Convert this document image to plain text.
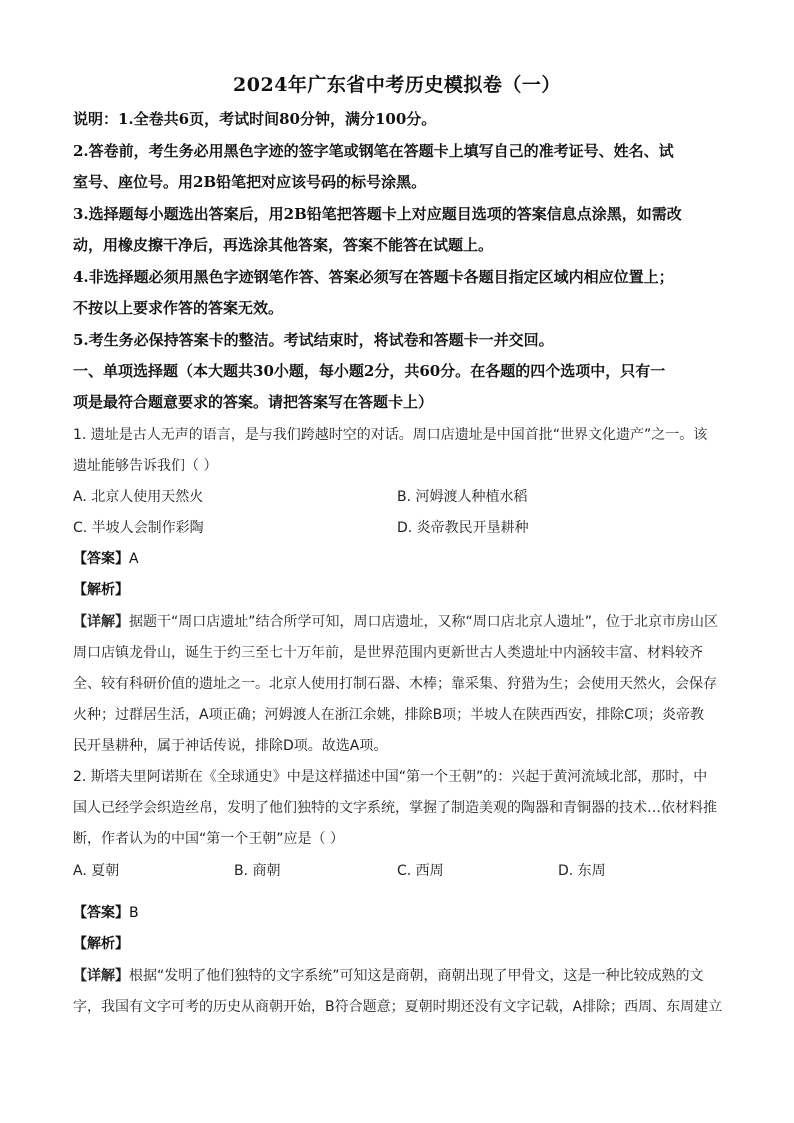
2024年广东省中考历史模拟卷（一）
说明：1.全卷共6页，考试时间80分钟，满分100分。
2.答卷前，考生务必用黑色字迹的签字笔或钢笔在答题卡上填写自己的准考证号、姓名、试
室号、座位号。用2B铅笔把对应该号码的标号涂黑。
3.选择题每小题选出答案后，用2B铅笔把答题卡上对应题目选项的答案信息点涂黑，如需改
动，用橡皮擦干净后，再选涂其他答案，答案不能答在试题上。
4.非选择题必须用黑色字迹钢笔作答、答案必须写在答题卡各题目指定区域内相应位置上；
不按以上要求作答的答案无效。
5.考生务必保持答案卡的整洁。考试结束时，将试卷和答题卡一并交回。
一、单项选择题（本大题共30小题，每小题2分，共60分。在各题的四个选项中，只有一
项是最符合题意要求的答案。请把答案写在答题卡上）
1. 遗址是古人无声的语言，是与我们跨越时空的对话。周口店遗址是中国首批“世界文化遗产”之一。该
遗址能够告诉我们（ ）
A. 北京人使用天然火	B. 河姆渡人种植水稻
C. 半坡人会制作彩陶	D. 炎帝教民开垦耕种
【答案】A
【解析】
【详解】据题干“周口店遗址”结合所学可知，周口店遗址，又称“周口店北京人遗址”，位于北京市房山区
周口店镇龙骨山，诞生于约三至七十万年前，是世界范围内更新世古人类遗址中内涵较丰富、材料较齐
全、较有科研价值的遗址之一。北京人使用打制石器、木棒；靠采集、狩猎为生；会使用天然火，会保存
火种；过群居生活，A项正确；河姆渡人在浙江余姚，排除B项；半坡人在陕西西安，排除C项；炎帝教
民开垦耕种，属于神话传说，排除D项。故选A项。
2. 斯塔夫里阿诺斯在《全球通史》中是这样描述中国“第一个王朝”的：兴起于黄河流域北部，那时，中
国人已经学会织造丝帛，发明了他们独特的文字系统，掌握了制造美观的陶器和青铜器的技术…依材料推
断，作者认为的中国“第一个王朝”应是（ ）
A. 夏朝	B. 商朝	C. 西周	D. 东周
【答案】B
【解析】
【详解】根据“发明了他们独特的文字系统”可知这是商朝，商朝出现了甲骨文，这是一种比较成熟的文
字，我国有文字可考的历史从商朝开始，B符合题意；夏朝时期还没有文字记载，A排除；西周、东周建立
